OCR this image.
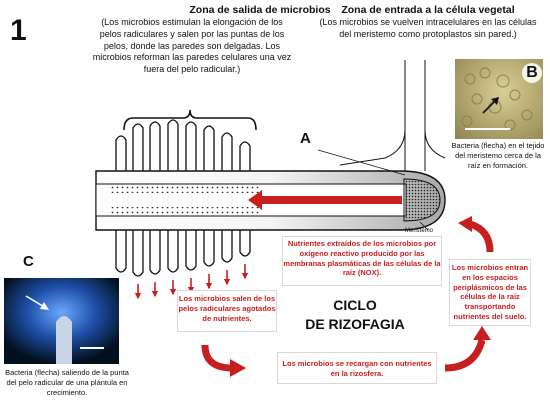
1
Zona de salida de microbios
(Los microbios estimulan la elongación de los pelos radiculares y salen por las puntas de los pelos, donde las paredes son delgadas. Los microbios reforman las paredes celulares una vez fuera del pelo radicular.)
Zona de entrada a la célula vegetal
(Los microbios se vuelven intracelulares en las células del meristemo como protoplastos sin pared.)
A
Meristemo
B
Bacteria (flecha) en el tejido del meristemo cerca de la raíz en formación.
C
Bacteria (flecha) saliendo de la punta del pelo radicular de una plántula en crecimiento.
Nutrientes extraídos de los microbios por oxígeno reactivo producido por las membranas plasmáticas de las células de la raíz (NOX).
Los microbios salen de los pelos radiculares agotados de nutrientes.
Los microbios entran en los espacios periplásmicos de las células de la raíz transportando nutrientes del suelo.
Los microbios se recargan con nutrientes en la rizosfera.
CICLO
DE RIZOFAGIA
